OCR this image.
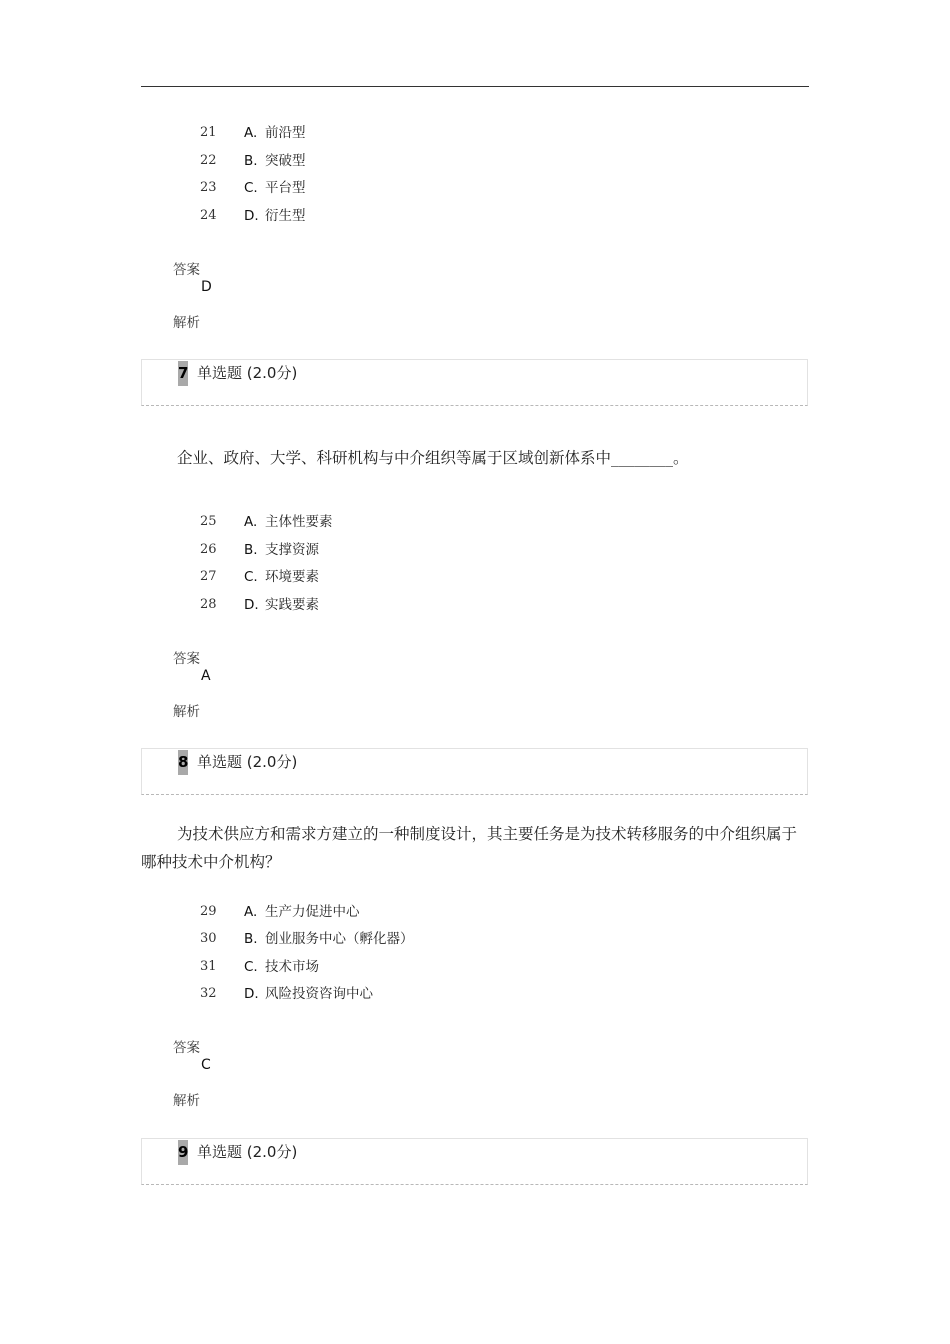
21	A. 前沿型
22	B. 突破型
23	C. 平台型
24	D. 衍生型
答案
D
解析
7 单选题 (2.0分)

企业、政府、大学、科研机构与中介组织等属于区域创新体系中________。

25	A. 主体性要素
26	B. 支撑资源
27	C. 环境要素
28	D. 实践要素
答案
A
解析
8 单选题 (2.0分)

为技术供应方和需求方建立的一种制度设计，其主要任务是为技术转移服务的中介组织属于哪种技术中介机构？

29	A. 生产力促进中心
30	B. 创业服务中心（孵化器）
31	C. 技术市场
32	D. 风险投资咨询中心
答案
C
解析
9 单选题 (2.0分)
